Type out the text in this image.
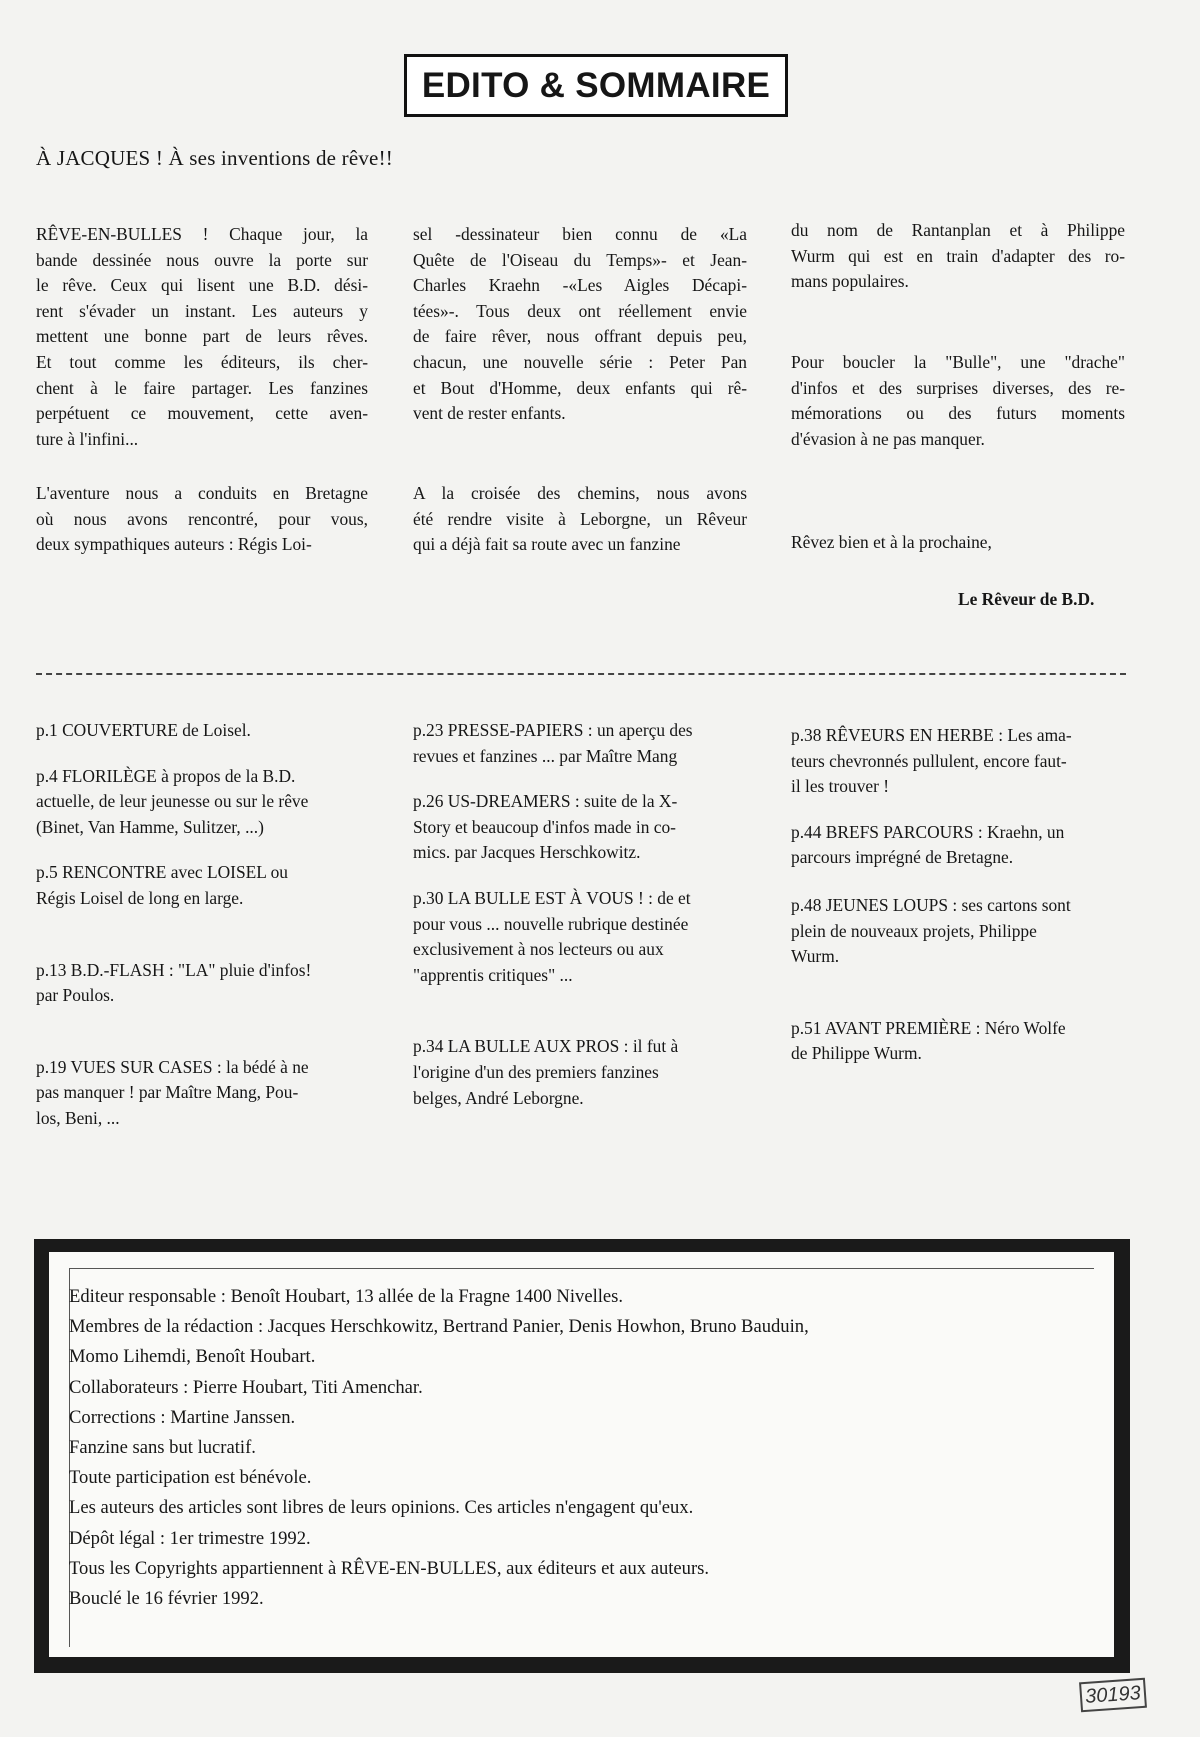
EDITO & SOMMAIRE
À JACQUES ! À ses inventions de rêve!!
RÊVE-EN-BULLES ! Chaque jour, la
bande dessinée nous ouvre la porte sur
le rêve. Ceux qui lisent une B.D. dési-
rent s'évader un instant. Les auteurs y
mettent une bonne part de leurs rêves.
Et tout comme les éditeurs, ils cher-
chent à le faire partager. Les fanzines
perpétuent ce mouvement, cette aven-
ture à l'infini...
L'aventure nous a conduits en Bretagne
où nous avons rencontré, pour vous,
deux sympathiques auteurs : Régis Loi-
sel -dessinateur bien connu de «La
Quête de l'Oiseau du Temps»- et Jean-
Charles Kraehn -«Les Aigles Décapi-
tées»-. Tous deux ont réellement envie
de faire rêver, nous offrant depuis peu,
chacun, une nouvelle série : Peter Pan
et Bout d'Homme, deux enfants qui rê-
vent de rester enfants.
A la croisée des chemins, nous avons
été rendre visite à Leborgne, un Rêveur
qui a déjà fait sa route avec un fanzine
du nom de Rantanplan et à Philippe
Wurm qui est en train d'adapter des ro-
mans populaires.
Pour boucler la "Bulle", une "drache"
d'infos et des surprises diverses, des re-
mémorations ou des futurs moments
d'évasion à ne pas manquer.
Rêvez bien et à la prochaine,
Le Rêveur de B.D.
p.1 COUVERTURE de Loisel.
p.4 FLORILÈGE à propos de la B.D.
actuelle, de leur jeunesse ou sur le rêve
(Binet, Van Hamme, Sulitzer, ...)
p.5 RENCONTRE avec LOISEL ou
Régis Loisel de long en large.
p.13 B.D.-FLASH : "LA" pluie d'infos!
par Poulos.
p.19 VUES SUR CASES : la bédé à ne
pas manquer ! par Maître Mang, Pou-
los, Beni, ...
p.23 PRESSE-PAPIERS : un aperçu des
revues et fanzines ... par Maître Mang
p.26 US-DREAMERS : suite de la X-
Story et beaucoup d'infos made in co-
mics. par Jacques Herschkowitz.
p.30 LA BULLE EST À VOUS ! : de et
pour vous ... nouvelle rubrique destinée
exclusivement à nos lecteurs ou aux
"apprentis critiques" ...
p.34 LA BULLE AUX PROS : il fut à
l'origine d'un des premiers fanzines
belges, André Leborgne.
p.38 RÊVEURS EN HERBE : Les ama-
teurs chevronnés pullulent, encore faut-
il les trouver !
p.44 BREFS PARCOURS : Kraehn, un
parcours imprégné de Bretagne.
p.48 JEUNES LOUPS : ses cartons sont
plein de nouveaux projets, Philippe
Wurm.
p.51 AVANT PREMIÈRE : Néro Wolfe
de Philippe Wurm.
Editeur responsable : Benoît Houbart, 13 allée de la Fragne 1400 Nivelles.
Membres de la rédaction : Jacques Herschkowitz, Bertrand Panier, Denis Howhon, Bruno Bauduin,
Momo Lihemdi, Benoît Houbart.
Collaborateurs : Pierre Houbart, Titi Amenchar.
Corrections : Martine Janssen.
Fanzine sans but lucratif.
Toute participation est bénévole.
Les auteurs des articles sont libres de leurs opinions. Ces articles n'engagent qu'eux.
Dépôt légal : 1er trimestre 1992.
Tous les Copyrights appartiennent à RÊVE-EN-BULLES, aux éditeurs et aux auteurs.
Bouclé le 16 février 1992.
30193
